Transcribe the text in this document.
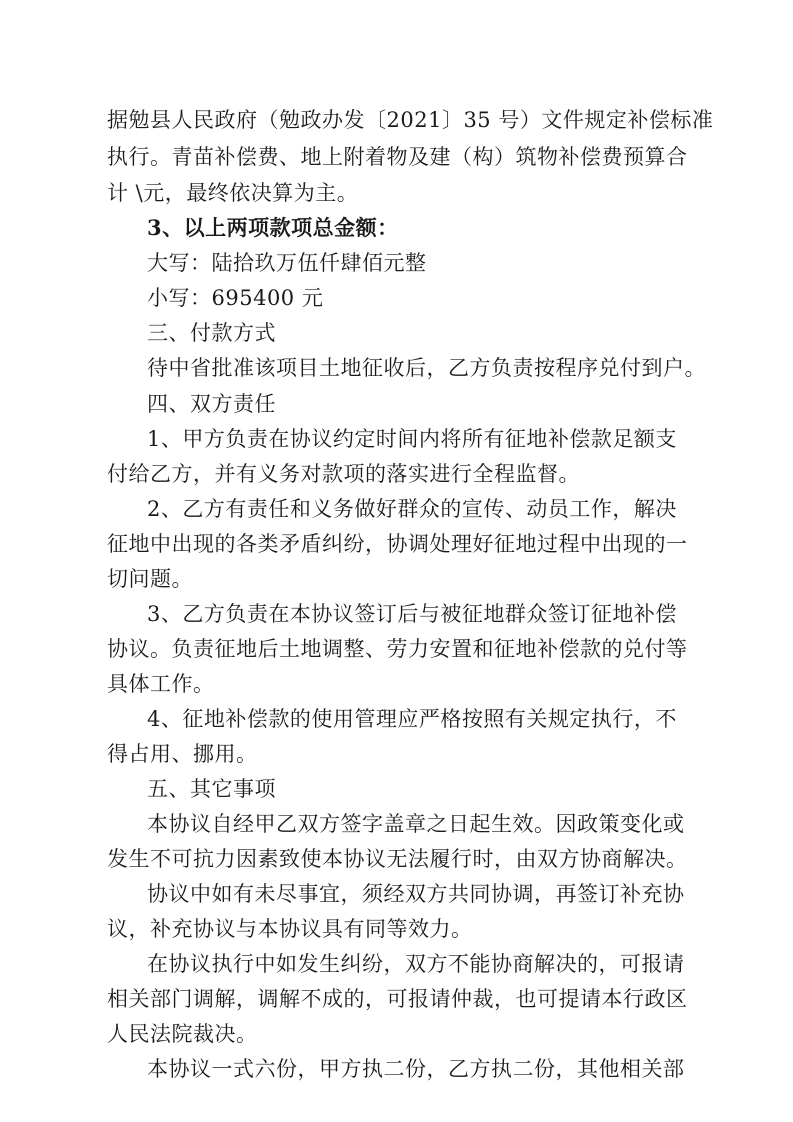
据勉县人民政府（勉政办发〔2021〕35 号）文件规定补偿标准
执行。青苗补偿费、地上附着物及建（构）筑物补偿费预算合
计 \元，最终依决算为主。
3、以上两项款项总金额：
大写：陆拾玖万伍仟肆佰元整
小写：695400 元
三、付款方式
待中省批准该项目土地征收后，乙方负责按程序兑付到户。
四、双方责任
1、甲方负责在协议约定时间内将所有征地补偿款足额支
付给乙方，并有义务对款项的落实进行全程监督。
2、乙方有责任和义务做好群众的宣传、动员工作，解决
征地中出现的各类矛盾纠纷，协调处理好征地过程中出现的一
切问题。
3、乙方负责在本协议签订后与被征地群众签订征地补偿
协议。负责征地后土地调整、劳力安置和征地补偿款的兑付等
具体工作。
4、征地补偿款的使用管理应严格按照有关规定执行，不
得占用、挪用。
五、其它事项
本协议自经甲乙双方签字盖章之日起生效。因政策变化或
发生不可抗力因素致使本协议无法履行时，由双方协商解决。
协议中如有未尽事宜，须经双方共同协调，再签订补充协
议，补充协议与本协议具有同等效力。
在协议执行中如发生纠纷，双方不能协商解决的，可报请
相关部门调解，调解不成的，可报请仲裁，也可提请本行政区
人民法院裁决。
本协议一式六份，甲方执二份，乙方执二份，其他相关部
